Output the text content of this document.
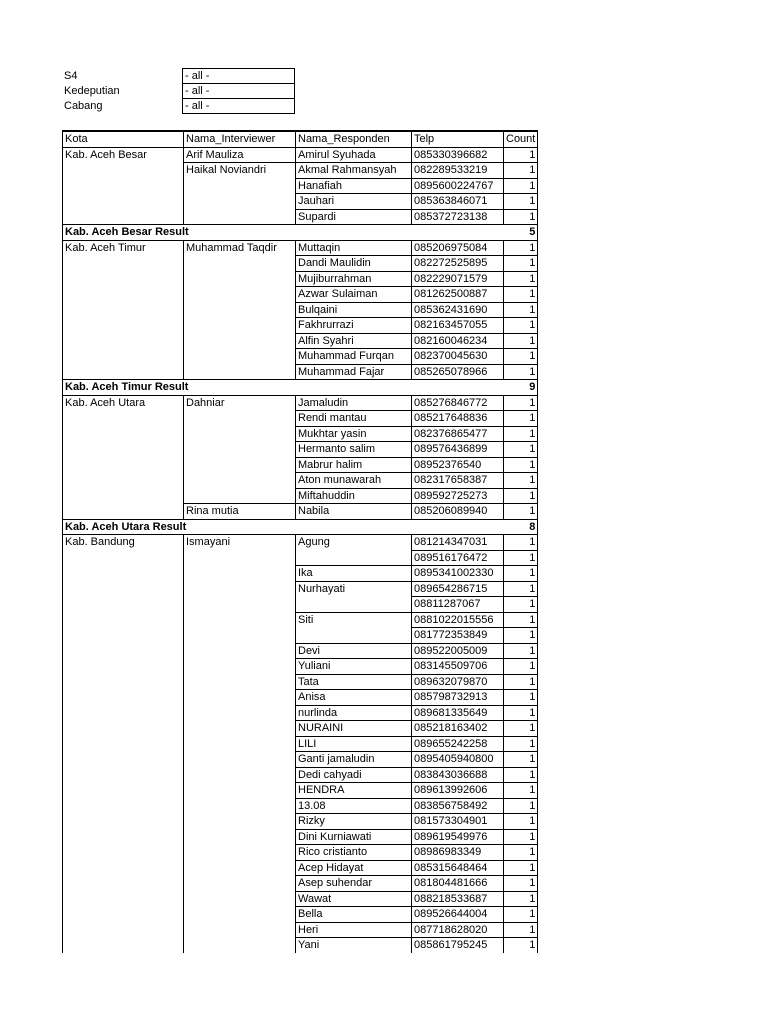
S4	- all -
Kedeputian	- all -
Cabang	- all -
Kota	Nama_Interviewer	Nama_Responden	Telp	Count
Kab. Aceh Besar	Arif Mauliza	Amirul Syuhada	085330396682	1
	Haikal Noviandri	Akmal Rahmansyah	082289533219	1
		Hanafiah	0895600224767	1
		Jauhari	085363846071	1
		Supardi	085372723138	1
Kab. Aceh Besar Result				5
Kab. Aceh Timur	Muhammad Taqdir	Muttaqin	085206975084	1
		Dandi Maulidin	082272525895	1
		Mujiburrahman	082229071579	1
		Azwar Sulaiman	081262500887	1
		Bulqaini	085362431690	1
		Fakhrurrazi	082163457055	1
		Alfin Syahri	082160046234	1
		Muhammad Furqan	082370045630	1
		Muhammad Fajar	085265078966	1
Kab. Aceh Timur Result				9
Kab. Aceh Utara	Dahniar	Jamaludin	085276846772	1
		Rendi mantau	085217648836	1
		Mukhtar yasin	082376865477	1
		Hermanto salim	089576436899	1
		Mabrur halim	08952376540	1
		Aton munawarah	082317658387	1
		Miftahuddin	089592725273	1
	Rina mutia	Nabila	085206089940	1
Kab. Aceh Utara Result				8
Kab. Bandung	Ismayani	Agung	081214347031	1
			089516176472	1
		Ika	0895341002330	1
		Nurhayati	089654286715	1
			08811287067	1
		Siti	0881022015556	1
			081772353849	1
		Devi	089522005009	1
		Yuliani	083145509706	1
		Tata	089632079870	1
		Anisa	085798732913	1
		nurlinda	089681335649	1
		NURAINI	085218163402	1
		LILI	089655242258	1
		Ganti jamaludin	0895405940800	1
		Dedi cahyadi	083843036688	1
		HENDRA	089613992606	1
		13.08	083856758492	1
		Rizky	081573304901	1
		Dini Kurniawati	089619549976	1
		Rico cristianto	08986983349	1
		Acep Hidayat	085315648464	1
		Asep suhendar	081804481666	1
		Wawat	088218533687	1
		Bella	089526644004	1
		Heri	087718628020	1
		Yani	085861795245	1
